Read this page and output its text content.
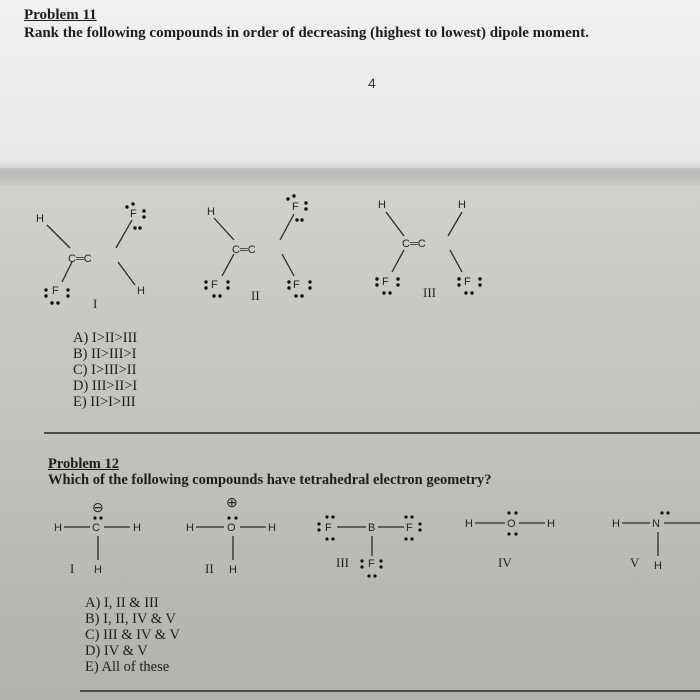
Problem 11
Rank the following compounds in order of decreasing (highest to lowest) dipole moment.
4
H
C═C
F
H
F
I
H
C═C
F
F
F
II
H	H
C═C
F	F
III
A) I>II>III
B) II>III>I
C) I>III>II
D) III>II>I
E) II>I>III
Problem 12
Which of the following compounds have tetrahedral electron geometry?
H	C
⊖
H
H
I
H	O
⊕
H
H
II
F	B	F
F
III
H	O	H
IV
H	N
H
V
A) I, II & III
B) I, II, IV & V
C) III & IV & V
D) IV & V
E) All of these
